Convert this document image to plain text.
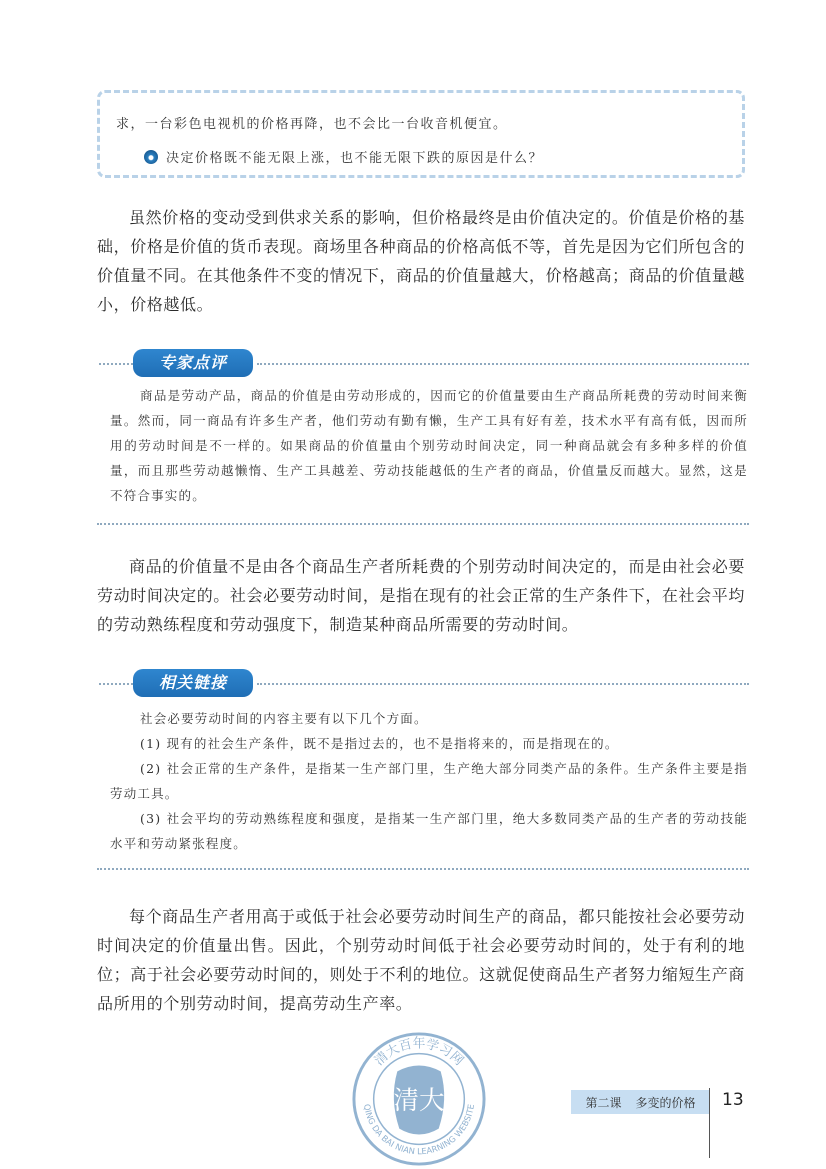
求，一台彩色电视机的价格再降，也不会比一台收音机便宜。
决定价格既不能无限上涨，也不能无限下跌的原因是什么？
虽然价格的变动受到供求关系的影响，但价格最终是由价值决定的。价值是价格的基础，价格是价值的货币表现。商场里各种商品的价格高低不等，首先是因为它们所包含的价值量不同。在其他条件不变的情况下，商品的价值量越大，价格越高；商品的价值量越小，价格越低。
专家点评

商品是劳动产品，商品的价值是由劳动形成的，因而它的价值量要由生产商品所耗费的劳动时间来衡量。然而，同一商品有许多生产者，他们劳动有勤有懒，生产工具有好有差，技术水平有高有低，因而所用的劳动时间是不一样的。如果商品的价值量由个别劳动时间决定，同一种商品就会有多种多样的价值量，而且那些劳动越懒惰、生产工具越差、劳动技能越低的生产者的商品，价值量反而越大。显然，这是不符合事实的。

商品的价值量不是由各个商品生产者所耗费的个别劳动时间决定的，而是由社会必要劳动时间决定的。社会必要劳动时间，是指在现有的社会正常的生产条件下，在社会平均的劳动熟练程度和劳动强度下，制造某种商品所需要的劳动时间。
相关链接

社会必要劳动时间的内容主要有以下几个方面。

(1) 现有的社会生产条件，既不是指过去的，也不是指将来的，而是指现在的。

(2) 社会正常的生产条件，是指某一生产部门里，生产绝大部分同类产品的条件。生产条件主要是指劳动工具。

(3) 社会平均的劳动熟练程度和强度，是指某一生产部门里，绝大多数同类产品的生产者的劳动技能水平和劳动紧张程度。

每个商品生产者用高于或低于社会必要劳动时间生产的商品，都只能按社会必要劳动时间决定的价值量出售。因此，个别劳动时间低于社会必要劳动时间的，处于有利的地位；高于社会必要劳动时间的，则处于不利的地位。这就促使商品生产者努力缩短生产商品所用的个别劳动时间，提高劳动生产率。
清大
清大百年学习网
QING DA BAI NIAN LEARNING WEBSITE	第二课 多变的价格 13
